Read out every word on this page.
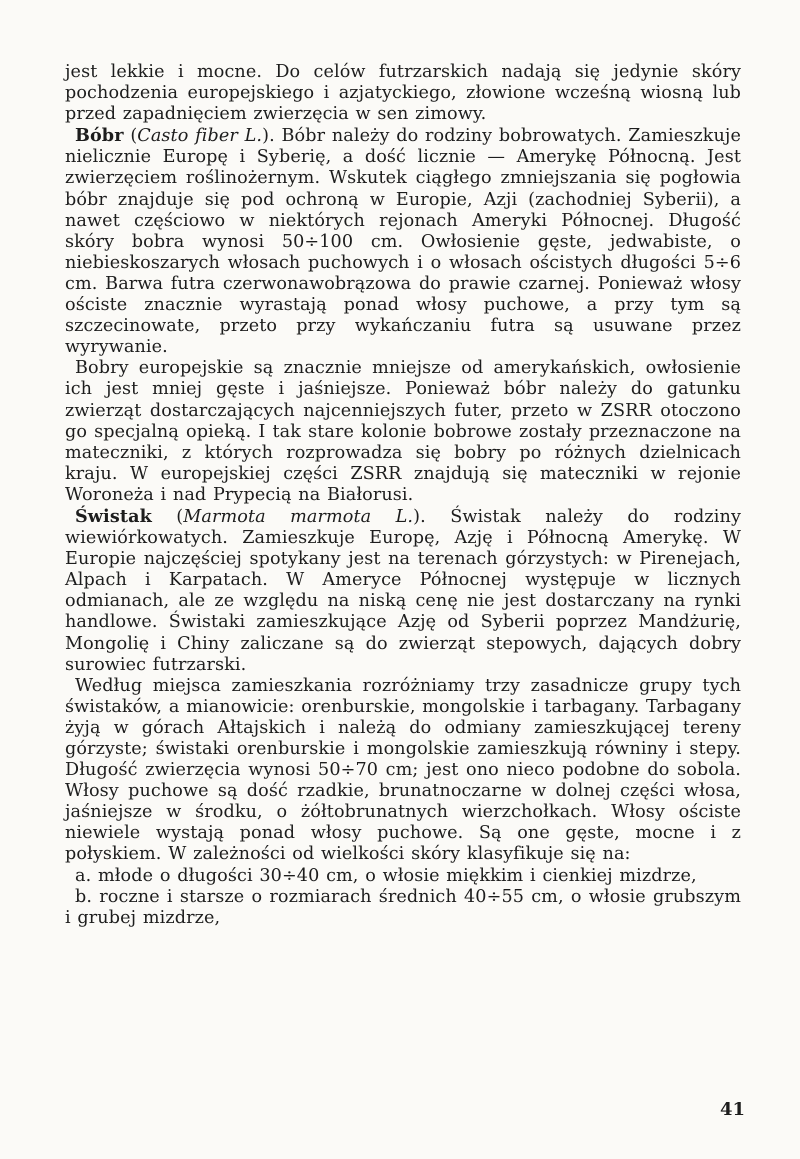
jest lekkie i mocne. Do celów futrzarskich nadają się jedynie skóry pochodzenia europejskiego i azjatyckiego, złowione wcześną wiosną lub przed zapadnięciem zwierzęcia w sen zimowy.

Bóbr (Casto fiber L.). Bóbr należy do rodziny bobrowatych. Zamieszkuje nielicznie Europę i Syberię, a dość licznie — Amerykę Północną. Jest zwierzęciem roślinożernym. Wskutek ciągłego zmniejszania się pogłowia bóbr znajduje się pod ochroną w Europie, Azji (zachodniej Syberii), a nawet częściowo w niektórych rejonach Ameryki Północnej. Długość skóry bobra wynosi 50÷100 cm. Owłosienie gęste, jedwabiste, o niebieskoszarych włosach puchowych i o włosach ościstych długości 5÷6 cm. Barwa futra czerwonawobrązowa do prawie czarnej. Ponieważ włosy ościste znacznie wyrastają ponad włosy puchowe, a przy tym są szczecinowate, przeto przy wykańczaniu futra są usuwane przez wyrywanie.

Bobry europejskie są znacznie mniejsze od amerykańskich, owłosienie ich jest mniej gęste i jaśniejsze. Ponieważ bóbr należy do gatunku zwierząt dostarczających najcenniejszych futer, przeto w ZSRR otoczono go specjalną opieką. I tak stare kolonie bobrowe zostały przeznaczone na mateczniki, z których rozprowadza się bobry po różnych dzielnicach kraju. W europejskiej części ZSRR znajdują się mateczniki w rejonie Woroneża i nad Prypecią na Białorusi.

Świstak (Marmota marmota L.). Świstak należy do rodziny wiewiórkowatych. Zamieszkuje Europę, Azję i Północną Amerykę. W Europie najczęściej spotykany jest na terenach górzystych: w Pirenejach, Alpach i Karpatach. W Ameryce Północnej występuje w licznych odmianach, ale ze względu na niską cenę nie jest dostarczany na rynki handlowe. Świstaki zamieszkujące Azję od Syberii poprzez Mandżurię, Mongolię i Chiny zaliczane są do zwierząt stepowych, dających dobry surowiec futrzarski.

Według miejsca zamieszkania rozróżniamy trzy zasadnicze grupy tych świstaków, a mianowicie: orenburskie, mongolskie i tarbagany. Tarbagany żyją w górach Ałtajskich i należą do odmiany zamieszkującej tereny górzyste; świstaki orenburskie i mongolskie zamieszkują równiny i stepy. Długość zwierzęcia wynosi 50÷70 cm; jest ono nieco podobne do sobola. Włosy puchowe są dość rzadkie, brunatnoczarne w dolnej części włosa, jaśniejsze w środku, o żółtobrunatnych wierzchołkach. Włosy ościste niewiele wystają ponad włosy puchowe. Są one gęste, mocne i z połyskiem. W zależności od wielkości skóry klasyfikuje się na:

a. młode o długości 30÷40 cm, o włosie miękkim i cienkiej mizdrze,

b. roczne i starsze o rozmiarach średnich 40÷55 cm, o włosie grubszym i grubej mizdrze,

41
